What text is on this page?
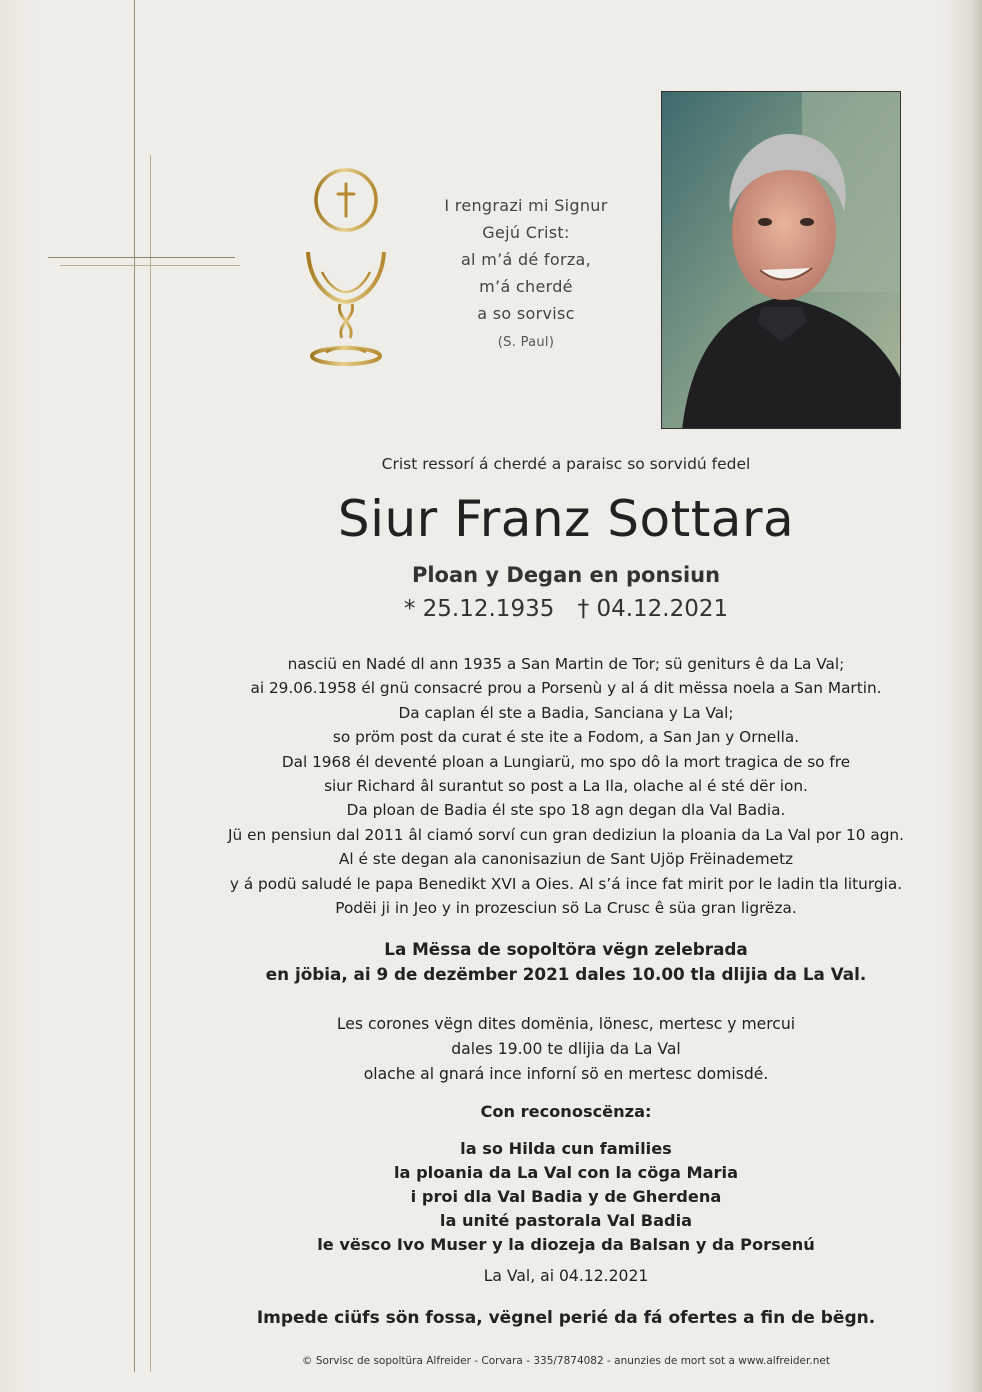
I rengrazi mi Signur
Gejú Crist:
al m’á dé forza,
m’á cherdé
a so sorvisc
(S. Paul)
Crist ressorí á cherdé a paraisc so sorvidú fedel
Siur Franz Sottara
Ploan y Degan en ponsiun
* 25.12.1935 † 04.12.2021
nasciü en Nadé dl ann 1935 a San Martin de Tor; sü geniturs ê da La Val;
ai 29.06.1958 él gnü consacré prou a Porsenù y al á dit mëssa noela a San Martin.
Da caplan él ste a Badia, Sanciana y La Val;
so pröm post da curat é ste ite a Fodom, a San Jan y Ornella.
Dal 1968 él deventé ploan a Lungiarü, mo spo dô la mort tragica de so fre
siur Richard âl surantut so post a La Ila, olache al é sté dër ion.
Da ploan de Badia él ste spo 18 agn degan dla Val Badia.
Jü en pensiun dal 2011 âl ciamó sorví cun gran dediziun la ploania da La Val por 10 agn.
Al é ste degan ala canonisaziun de Sant Ujöp Frëinademetz
y á podü saludé le papa Benedikt XVI a Oies. Al s’á ince fat mirit por le ladin tla liturgia.
Podëi ji in Jeo y in prozesciun sö La Crusc ê süa gran ligrëza.
La Mëssa de sopoltöra vëgn zelebrada
en jöbia, ai 9 de dezëmber 2021 dales 10.00 tla dlijia da La Val.
Les corones vëgn dites domënia, lönesc, mertesc y mercui
dales 19.00 te dlijia da La Val
olache al gnará ince inforní sö en mertesc domisdé.
Con reconoscënza:
la so Hilda cun families
la ploania da La Val con la cöga Maria
i proi dla Val Badia y de Gherdena
la unité pastorala Val Badia
le vësco Ivo Muser y la diozeja da Balsan y da Porsenú
La Val, ai 04.12.2021
Impede ciüfs sön fossa, vëgnel perié da fá ofertes a fin de bëgn.
© Sorvisc de sopoltüra Alfreider - Corvara - 335/7874082 - anunzies de mort sot a www.alfreider.net
